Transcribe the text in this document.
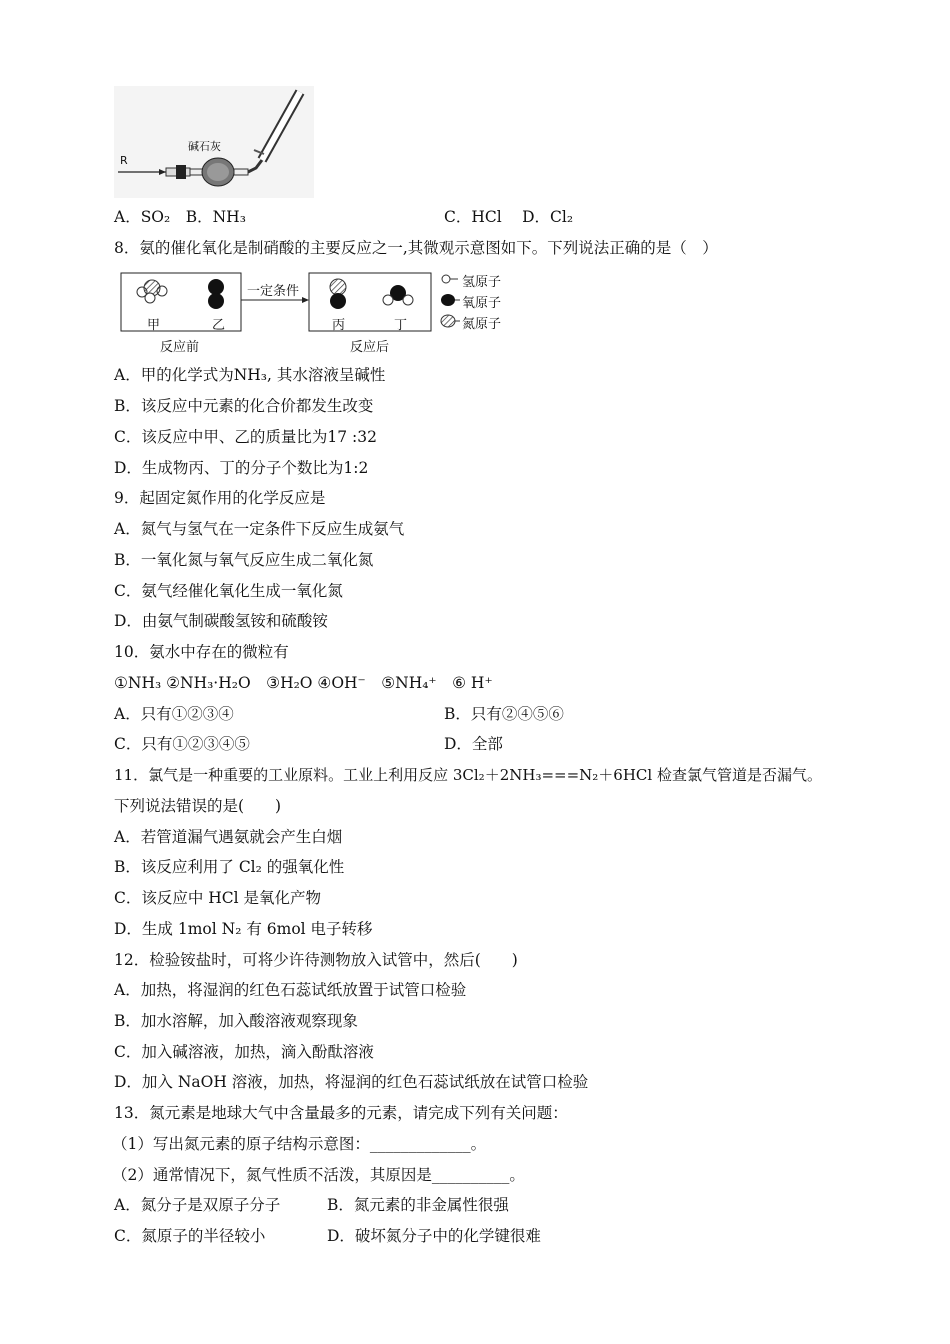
碱石灰
R
A．SO₂　B．NH₃	C．HCl　 D．Cl₂
8．氨的催化氧化是制硝酸的主要反应之一,其微观示意图如下。下列说法正确的是（　）
一定条件
甲	乙	丙	丁
氢原子
氧原子
氮原子
反应前	反应后
A．甲的化学式为NH₃, 其水溶液呈碱性
B．该反应中元素的化合价都发生改变
C．该反应中甲、乙的质量比为17 :32
D．生成物丙、丁的分子个数比为1:2
9．起固定氮作用的化学反应是
A．氮气与氢气在一定条件下反应生成氨气
B．一氧化氮与氧气反应生成二氧化氮
C．氨气经催化氧化生成一氧化氮
D．由氨气制碳酸氢铵和硫酸铵
10．氨水中存在的微粒有
①NH₃ ②NH₃·H₂O　③H₂O ④OH⁻　⑤NH₄⁺　⑥ H⁺
A．只有①②③④	B．只有②④⑤⑥
C．只有①②③④⑤	D．全部
11．氯气是一种重要的工业原料。工业上利用反应 3Cl₂＋2NH₃===N₂＋6HCl 检查氯气管道是否漏气。
下列说法错误的是(　　)
A．若管道漏气遇氨就会产生白烟
B．该反应利用了 Cl₂ 的强氧化性
C．该反应中 HCl 是氧化产物
D．生成 1mol N₂ 有 6mol 电子转移
12．检验铵盐时，可将少许待测物放入试管中，然后(　　)
A．加热，将湿润的红色石蕊试纸放置于试管口检验
B．加水溶解，加入酸溶液观察现象
C．加入碱溶液，加热，滴入酚酞溶液
D．加入 NaOH 溶液，加热，将湿润的红色石蕊试纸放在试管口检验
13．氮元素是地球大气中含量最多的元素，请完成下列有关问题：
（1）写出氮元素的原子结构示意图：_____________。
（2）通常情况下，氮气性质不活泼，其原因是__________。
A．氮分子是双原子分子	B．氮元素的非金属性很强
C．氮原子的半径较小	D．破坏氮分子中的化学键很难
